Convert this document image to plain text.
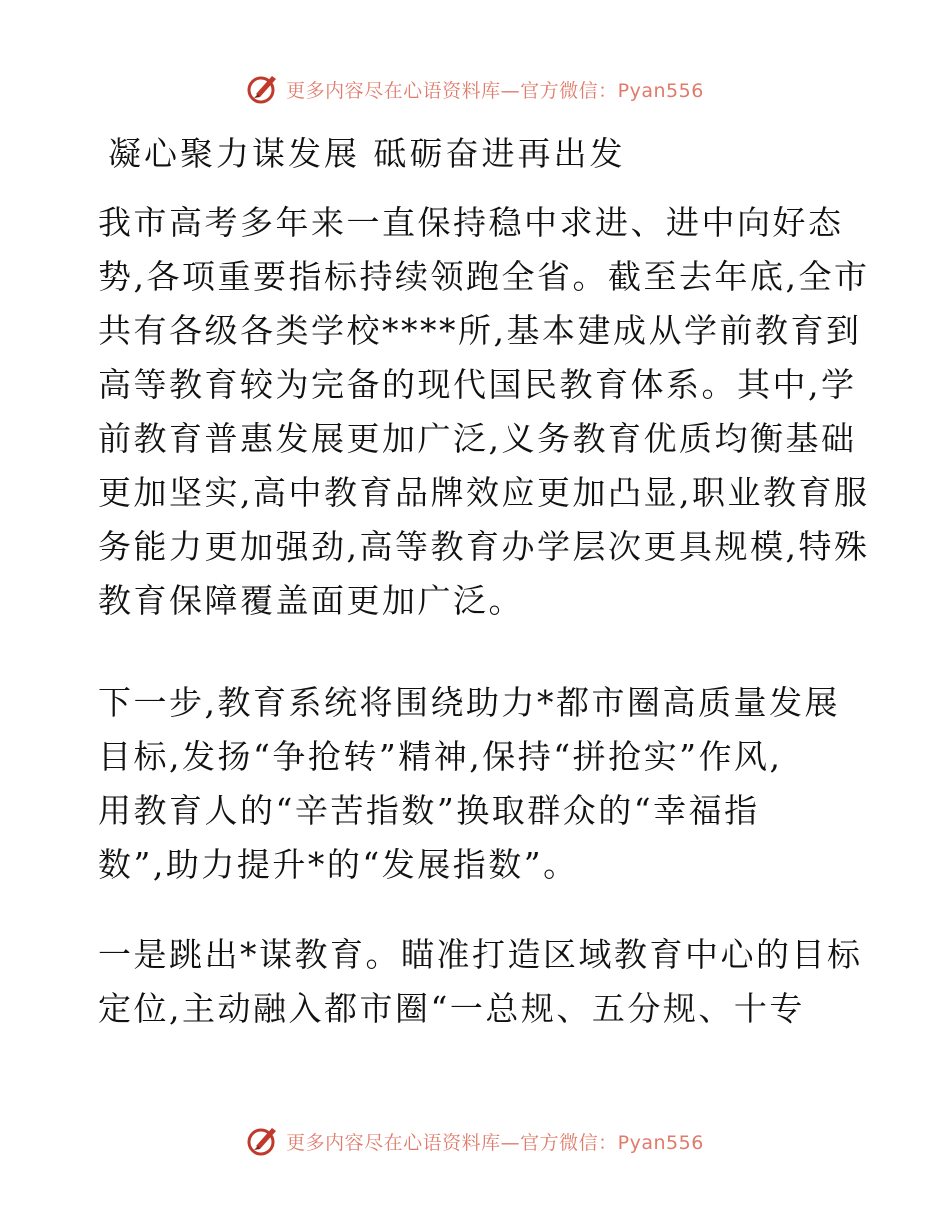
更多内容尽在心语资料库—官方微信：Pyan556
凝心聚力谋发展 砥砺奋进再出发

我市高考多年来一直保持稳中求进、进中向好态
势,各项重要指标持续领跑全省。截至去年底,全市
共有各级各类学校****所,基本建成从学前教育到
高等教育较为完备的现代国民教育体系。其中,学
前教育普惠发展更加广泛,义务教育优质均衡基础
更加坚实,高中教育品牌效应更加凸显,职业教育服
务能力更加强劲,高等教育办学层次更具规模,特殊
教育保障覆盖面更加广泛。

下一步,教育系统将围绕助力*都市圈高质量发展
目标,发扬“争抢转”精神,保持“拼抢实”作风,
用教育人的“辛苦指数”换取群众的“幸福指
数”,助力提升*的“发展指数”。

一是跳出*谋教育。瞄准打造区域教育中心的目标
定位,主动融入都市圈“一总规、五分规、十专

更多内容尽在心语资料库—官方微信：Pyan556
